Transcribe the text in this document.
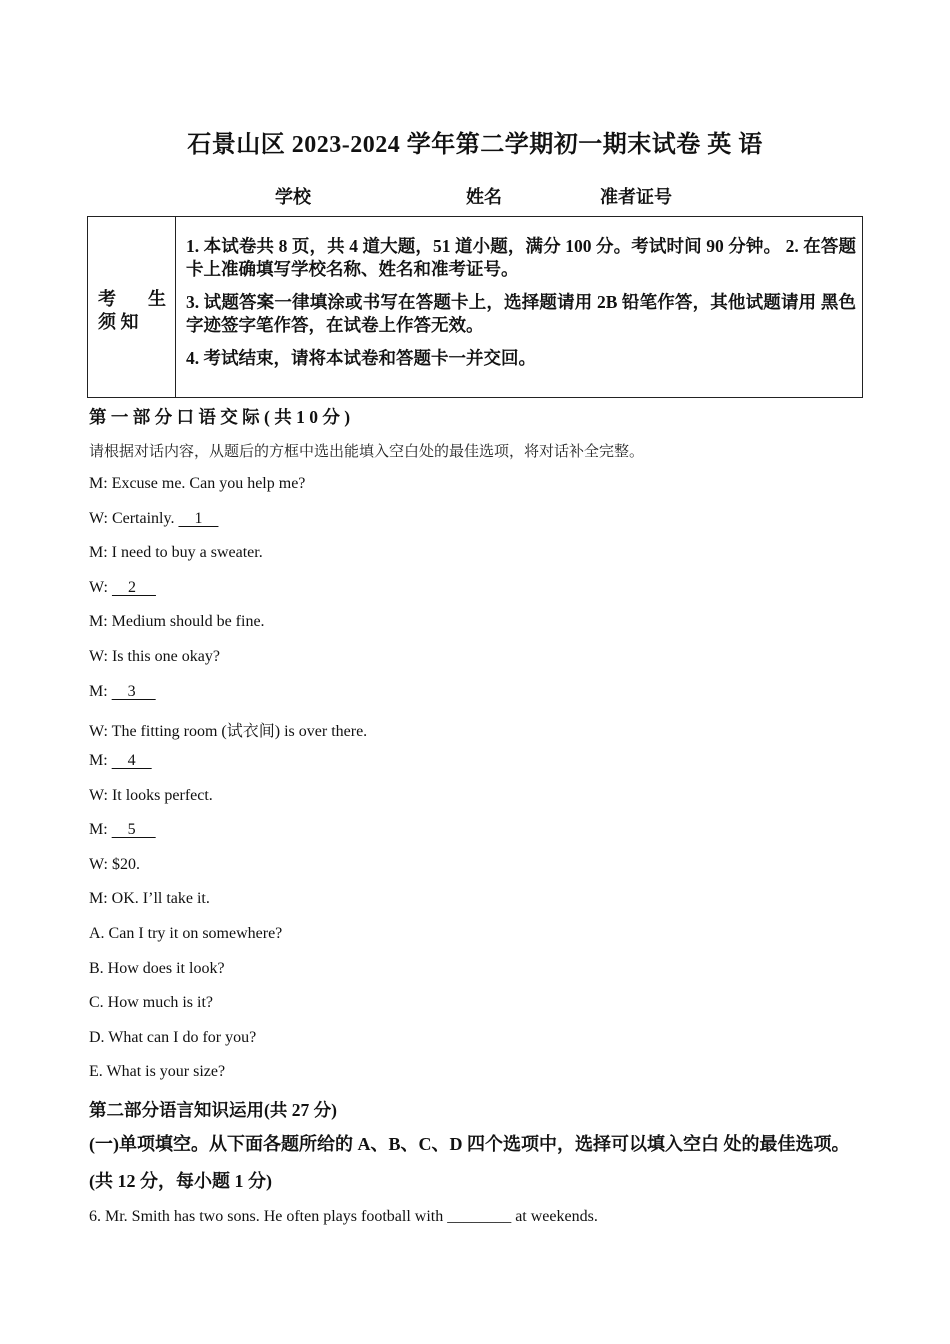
石景山区 2023-2024 学年第二学期初一期末试卷 英 语
学校	姓名	准者证号
考 生
须 知

1. 本试卷共 8 页，共 4 道大题，51 道小题，满分 100 分。考试时间 90 分钟。 2. 在答题卡上准确填写学校名称、姓名和准考证号。

3. 试题答案一律填涂或书写在答题卡上，选择题请用 2B 铅笔作答，其他试题请用 黑色字迹签字笔作答，在试卷上作答无效。

4. 考试结束，请将本试卷和答题卡一并交回。

第 一 部 分 口 语 交 际 ( 共 1 0 分 )
请根据对话内容，从题后的方框中选出能填入空白处的最佳选项，将对话补全完整。
M: Excuse me. Can you help me?
W: Certainly.     1
M: I need to buy a sweater.
W:     2
M: Medium should be fine.
W: Is this one okay?
M:     3
W: The fitting room (试衣间) is over there.
M:     4
W: It looks perfect.
M:     5
W: $20.
M: OK. I’ll take it.
A. Can I try it on somewhere?
B. How does it look?
C. How much is it?
D. What can I do for you?
E. What is your size?
第二部分语言知识运用(共 27 分)
(一)单项填空。从下面各题所给的 A、B、C、D 四个选项中，选择可以填入空白 处的最佳选项。(共 12 分，每小题 1 分)
6. Mr. Smith has two sons. He often plays football with ________ at weekends.
